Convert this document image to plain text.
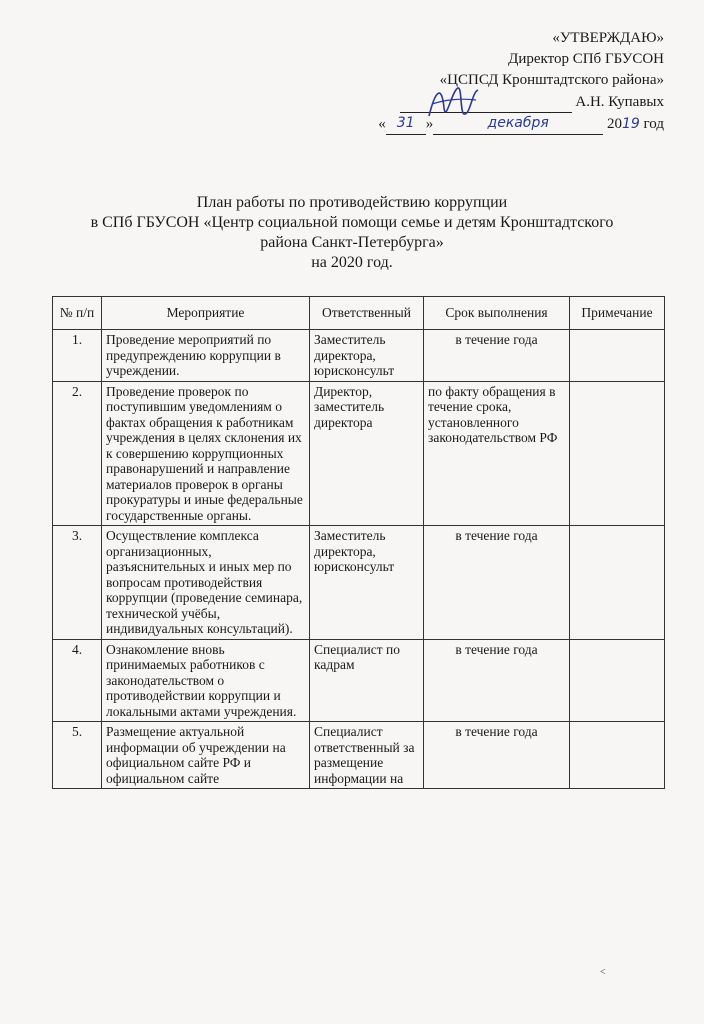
«УТВЕРЖДАЮ»
Директор СПб ГБУСОН
«ЦСПСД Кронштадтского района»
А.Н. Купавых
« 31 »	декабря	2019 год
План работы по противодействию коррупции
в СПб ГБУСОН «Центр социальной помощи семье и детям Кронштадтского
района Санкт-Петербурга»
на 2020 год.
№ п/п	Мероприятие	Ответственный	Срок выполнения	Примечание
1.	Проведение мероприятий по предупреждению коррупции в учреждении.	Заместитель директора, юрисконсульт	в течение года	
2.	Проведение проверок по поступившим уведомлениям о фактах обращения к работникам учреждения в целях склонения их к совершению коррупционных правонарушений и направление материалов проверок в органы прокуратуры и иные федеральные государственные органы.	Директор, заместитель директора	по факту обращения в течение срока, установленного законодательством РФ	
3.	Осуществление комплекса организационных, разъяснительных и иных мер по вопросам противодействия коррупции (проведение семинара, технической учёбы, индивидуальных консультаций).	Заместитель директора, юрисконсульт	в течение года	
4.	Ознакомление вновь принимаемых работников с законодательством о противодействии коррупции и локальными актами учреждения.	Специалист по кадрам	в течение года	
5.	Размещение актуальной информации об учреждении на официальном сайте РФ и официальном сайте	Специалист ответственный за размещение информации на	в течение года	
˂
